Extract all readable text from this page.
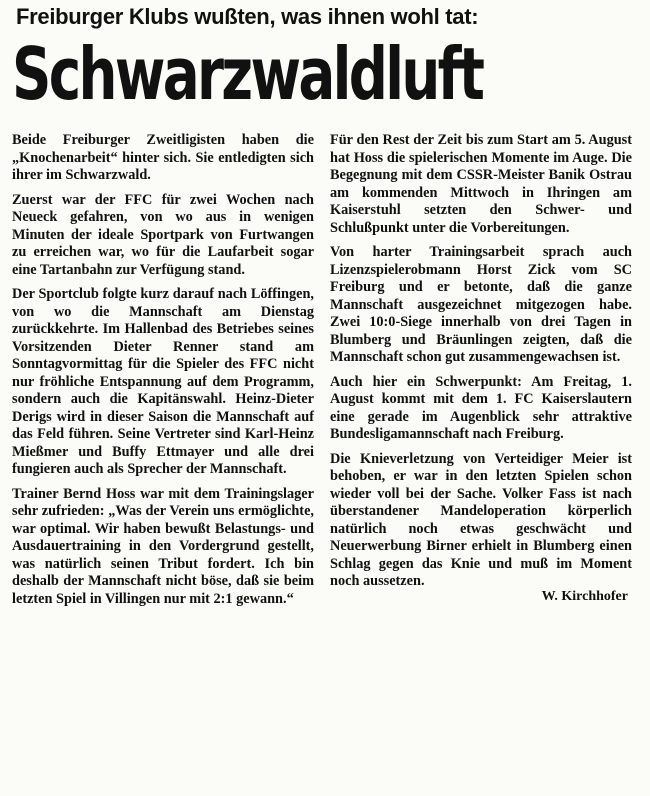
Freiburger Klubs wußten, was ihnen wohl tat:
Schwarzwaldluft

Beide Freiburger Zweitligisten haben die „Knochenarbeit“ hinter sich. Sie entledigten sich ihrer im Schwarzwald.

Zuerst war der FFC für zwei Wochen nach Neueck gefahren, von wo aus in wenigen Minuten der ideale Sportpark von Furtwangen zu erreichen war, wo für die Laufarbeit sogar eine Tartanbahn zur Verfügung stand.

Der Sportclub folgte kurz darauf nach Löffingen, von wo die Mannschaft am Dienstag zurückkehrte. Im Hallenbad des Betriebes seines Vorsitzenden Dieter Renner stand am Sonntagvormittag für die Spieler des FFC nicht nur fröhliche Entspannung auf dem Programm, sondern auch die Kapitänswahl. Heinz-Dieter Derigs wird in dieser Saison die Mannschaft auf das Feld führen. Seine Vertreter sind Karl-Heinz Mießmer und Buffy Ettmayer und alle drei fungieren auch als Sprecher der Mannschaft.

Trainer Bernd Hoss war mit dem Trainingslager sehr zufrieden: „Was der Verein uns ermöglichte, war optimal. Wir haben bewußt Belastungs- und Ausdauertraining in den Vordergrund gestellt, was natürlich seinen Tribut fordert. Ich bin deshalb der Mannschaft nicht böse, daß sie beim letzten Spiel in Villingen nur mit 2:1 gewann.“

Für den Rest der Zeit bis zum Start am 5. August hat Hoss die spielerischen Momente im Auge. Die Begegnung mit dem CSSR-Meister Banik Ostrau am kommenden Mittwoch in Ihringen am Kaiserstuhl setzten den Schwer- und Schlußpunkt unter die Vorbereitungen.

Von harter Trainingsarbeit sprach auch Lizenzspielerobmann Horst Zick vom SC Freiburg und er betonte, daß die ganze Mannschaft ausgezeichnet mitgezogen habe. Zwei 10:0-Siege innerhalb von drei Tagen in Blumberg und Bräunlingen zeigten, daß die Mannschaft schon gut zusammengewachsen ist.

Auch hier ein Schwerpunkt: Am Freitag, 1. August kommt mit dem 1. FC Kaiserslautern eine gerade im Augenblick sehr attraktive Bundesligamannschaft nach Freiburg.

Die Knieverletzung von Verteidiger Meier ist behoben, er war in den letzten Spielen schon wieder voll bei der Sache. Volker Fass ist nach überstandener Mandeloperation körperlich natürlich noch etwas geschwächt und Neuerwerbung Birner erhielt in Blumberg einen Schlag gegen das Knie und muß im Moment noch aussetzen.

W. Kirchhofer
